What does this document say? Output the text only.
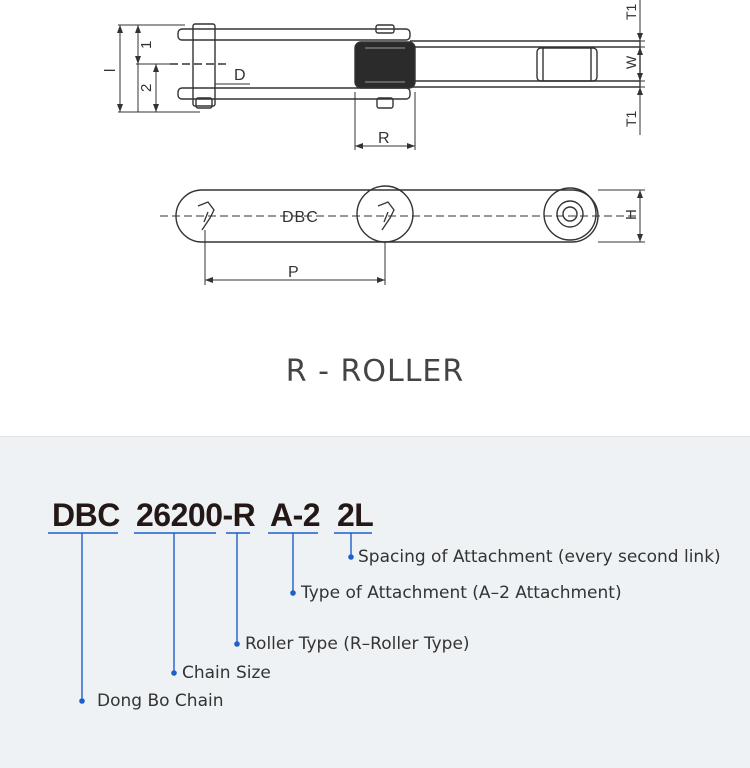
l
1
2
D
R
T1
W
T1
H
P
DBC
R - ROLLER
DBC 26200-R A-2 2L
Spacing of Attachment (every second link)
Type of Attachment (A–2 Attachment)
Roller Type (R–Roller Type)
Chain Size
Dong Bo Chain
